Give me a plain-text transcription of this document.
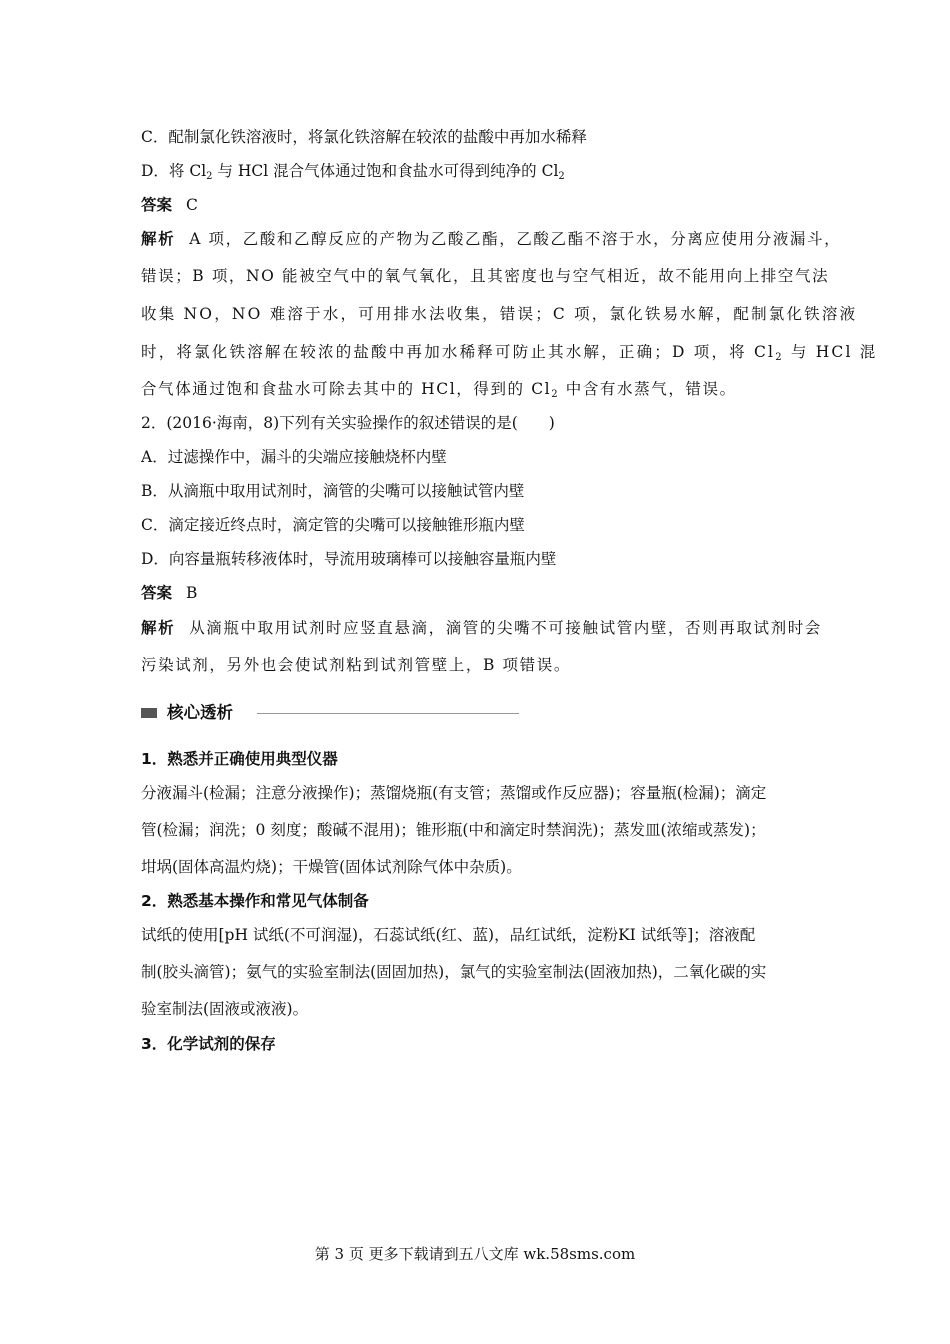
C．配制氯化铁溶液时，将氯化铁溶解在较浓的盐酸中再加水稀释
D．将 $Cl_2$ 与 HCl 混合气体通过饱和食盐水可得到纯净的 $Cl_2$
答案 C
解析 A 项，乙酸和乙醇反应的产物为乙酸乙酯，乙酸乙酯不溶于水，分离应使用分液漏斗，
错误；B 项，NO 能被空气中的氧气氧化，且其密度也与空气相近，故不能用向上排空气法
收集 NO，NO 难溶于水，可用排水法收集，错误；C 项，氯化铁易水解，配制氯化铁溶液
时，将氯化铁溶解在较浓的盐酸中再加水稀释可防止其水解，正确；D 项，将 $Cl_2$ 与 HCl 混
合气体通过饱和食盐水可除去其中的 HCl，得到的 $Cl_2$ 中含有水蒸气，错误。
2．(2016·海南，8)下列有关实验操作的叙述错误的是(　　)
A．过滤操作中，漏斗的尖端应接触烧杯内壁
B．从滴瓶中取用试剂时，滴管的尖嘴可以接触试管内壁
C．滴定接近终点时，滴定管的尖嘴可以接触锥形瓶内壁
D．向容量瓶转移液体时，导流用玻璃棒可以接触容量瓶内壁
答案 B
解析 从滴瓶中取用试剂时应竖直悬滴，滴管的尖嘴不可接触试管内壁，否则再取试剂时会
污染试剂，另外也会使试剂粘到试剂管壁上，B 项错误。
核心透析
1．熟悉并正确使用典型仪器
分液漏斗(检漏；注意分液操作)；蒸馏烧瓶(有支管；蒸馏或作反应器)；容量瓶(检漏)；滴定
管(检漏；润洗；0 刻度；酸碱不混用)；锥形瓶(中和滴定时禁润洗)；蒸发皿(浓缩或蒸发)；
坩埚(固体高温灼烧)；干燥管(固体试剂除气体中杂质)。
2．熟悉基本操作和常见气体制备
试纸的使用[pH 试纸(不可润湿)，石蕊试纸(红、蓝)，品红试纸，淀粉KI 试纸等]；溶液配
制(胶头滴管)；氨气的实验室制法(固固加热)，氯气的实验室制法(固液加热)，二氧化碳的实
验室制法(固液或液液)。
3．化学试剂的保存
第 3 页 更多下载请到五八文库 wk.58sms.com
